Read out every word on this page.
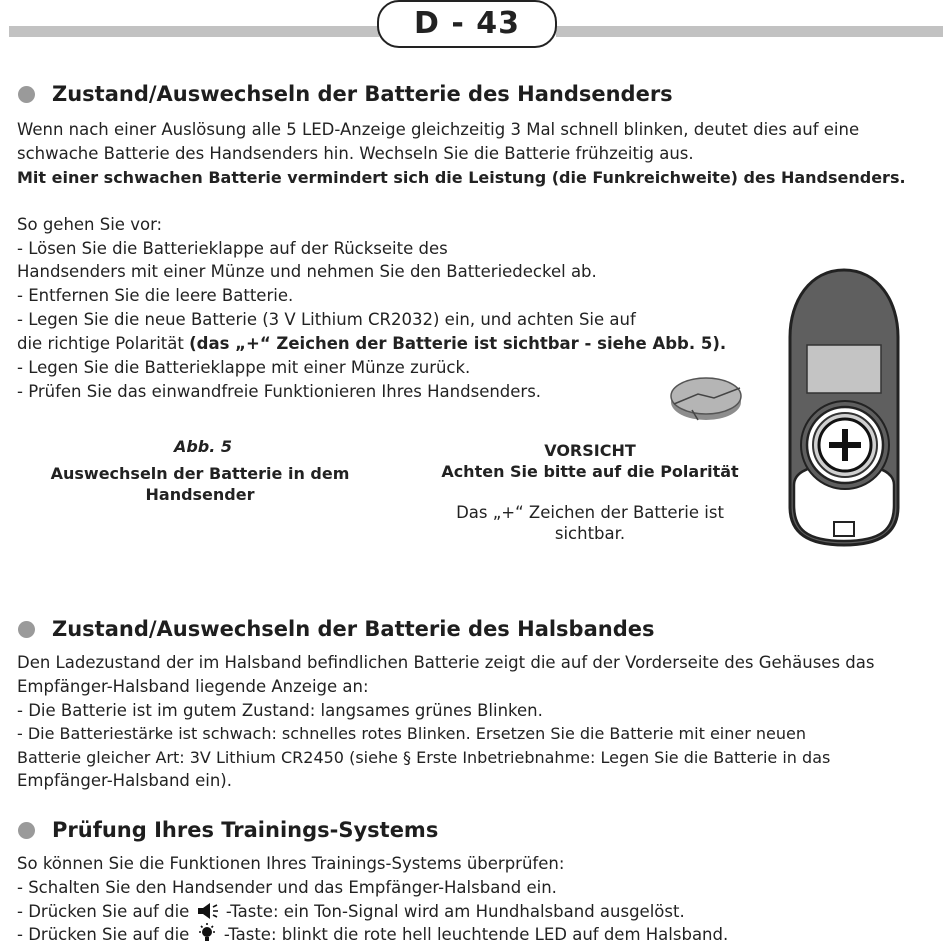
D - 43
Zustand/Auswechseln der Batterie des Handsenders
Wenn nach einer Auslösung alle 5 LED-Anzeige gleichzeitig 3 Mal schnell blinken, deutet dies auf eine
schwache Batterie des Handsenders hin. Wechseln Sie die Batterie frühzeitig aus.
Mit einer schwachen Batterie vermindert sich die Leistung (die Funkreichweite) des Handsenders.
So gehen Sie vor:
- Lösen Sie die Batterieklappe auf der Rückseite des
Handsenders mit einer Münze und nehmen Sie den Batteriedeckel ab.
- Entfernen Sie die leere Batterie.
- Legen Sie die neue Batterie (3 V Lithium CR2032) ein, und achten Sie auf
die richtige Polarität (das „+“ Zeichen der Batterie ist sichtbar - siehe Abb. 5).
- Legen Sie die Batterieklappe mit einer Münze zurück.
- Prüfen Sie das einwandfreie Funktionieren Ihres Handsenders.
Abb. 5
Auswechseln der Batterie in dem
Handsender
VORSICHT
Achten Sie bitte auf die Polarität
Das „+“ Zeichen der Batterie ist
sichtbar.
Zustand/Auswechseln der Batterie des Halsbandes
Den Ladezustand der im Halsband befindlichen Batterie zeigt die auf der Vorderseite des Gehäuses das
Empfänger-Halsband liegende Anzeige an:
- Die Batterie ist im gutem Zustand: langsames grünes Blinken.
- Die Batteriestärke ist schwach: schnelles rotes Blinken. Ersetzen Sie die Batterie mit einer neuen
Batterie gleicher Art: 3V Lithium CR2450 (siehe § Erste Inbetriebnahme: Legen Sie die Batterie in das
Empfänger-Halsband ein).
Prüfung Ihres Trainings-Systems
So können Sie die Funktionen Ihres Trainings-Systems überprüfen:
- Schalten Sie den Handsender und das Empfänger-Halsband ein.
- Drücken Sie auf die  -Taste: ein Ton-Signal wird am Hundhalsband ausgelöst.
- Drücken Sie auf die  -Taste: blinkt die rote hell leuchtende LED auf dem Halsband.
